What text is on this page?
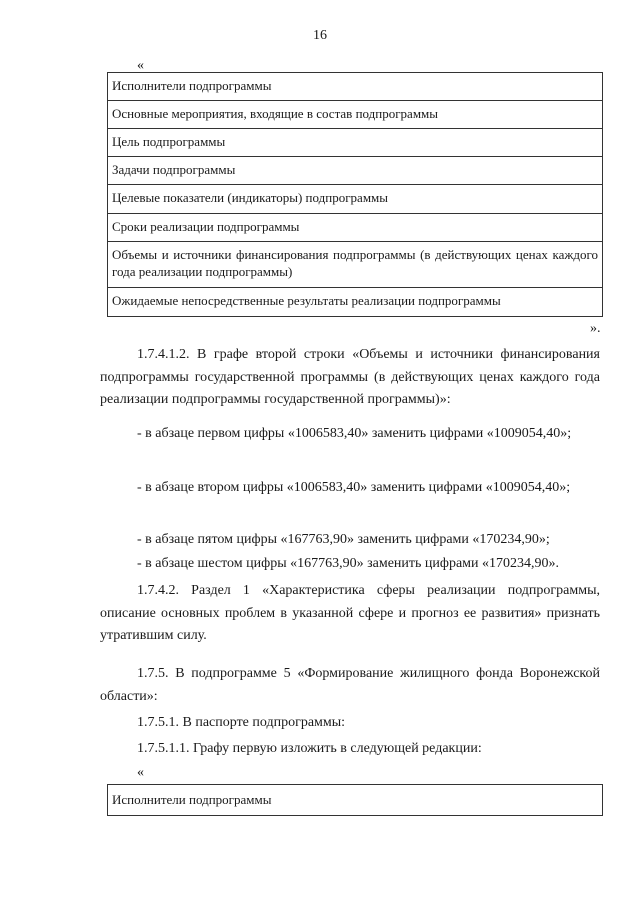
16
«
Исполнители подпрограммы
Основные мероприятия, входящие в состав подпрограммы
Цель подпрограммы
Задачи подпрограммы
Целевые показатели (индикаторы) подпрограммы
Сроки реализации подпрограммы
Объемы и источники финансирования подпрограммы (в действующих ценах каждого года реализации подпрограммы)
Ожидаемые непосредственные результаты реализации подпрограммы
».

1.7.4.1.2. В графе второй строки «Объемы и источники финансирования подпрограммы государственной программы (в действующих ценах каждого года реализации подпрограммы государственной программы)»:

- в абзаце первом цифры «1006583,40» заменить цифрами «1009054,40»;

- в абзаце втором цифры «1006583,40» заменить цифрами «1009054,40»;

- в абзаце пятом цифры «167763,90» заменить цифрами «170234,90»;

- в абзаце шестом цифры «167763,90» заменить цифрами «170234,90».

1.7.4.2. Раздел 1 «Характеристика сферы реализации подпрограммы, описание основных проблем в указанной сфере и прогноз ее развития» признать утратившим силу.

1.7.5. В подпрограмме 5 «Формирование жилищного фонда Воронежской области»:

1.7.5.1. В паспорте подпрограммы:

1.7.5.1.1. Графу первую изложить в следующей редакции:

«
Исполнители подпрограммы
